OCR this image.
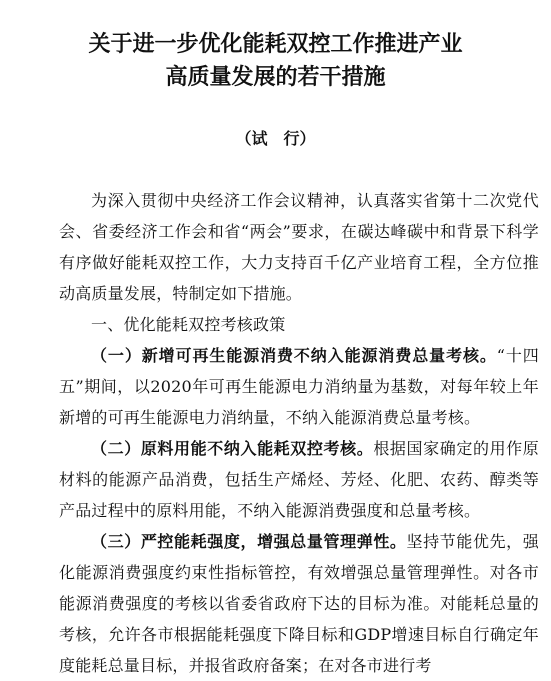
关于进一步优化能耗双控工作推进产业
高质量发展的若干措施
（试　行）

为深入贯彻中央经济工作会议精神，认真落实省第十二次党代会、省委经济工作会和省“两会”要求，在碳达峰碳中和背景下科学有序做好能耗双控工作，大力支持百千亿产业培育工程，全方位推动高质量发展，特制定如下措施。

一、优化能耗双控考核政策

（一）新增可再生能源消费不纳入能源消费总量考核。“十四五”期间，以2020年可再生能源电力消纳量为基数，对每年较上年新增的可再生能源电力消纳量，不纳入能源消费总量考核。

（二）原料用能不纳入能耗双控考核。根据国家确定的用作原材料的能源产品消费，包括生产烯烃、芳烃、化肥、农药、醇类等产品过程中的原料用能，不纳入能源消费强度和总量考核。

（三）严控能耗强度，增强总量管理弹性。坚持节能优先，强化能源消费强度约束性指标管控，有效增强总量管理弹性。对各市能源消费强度的考核以省委省政府下达的目标为准。对能耗总量的考核，允许各市根据能耗强度下降目标和GDP增速目标自行确定年度能耗总量目标，并报省政府备案；在对各市进行考
